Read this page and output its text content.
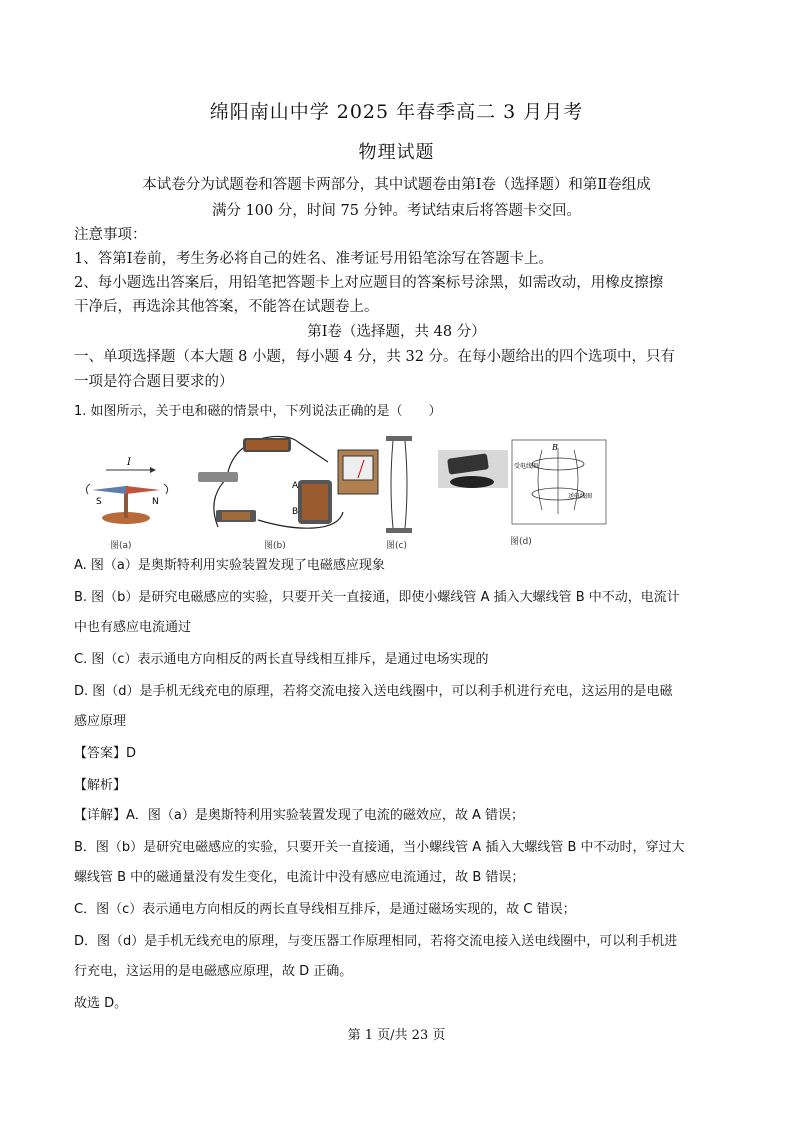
绵阳南山中学 2025 年春季高二 3 月月考
物理试题
本试卷分为试题卷和答题卡两部分，其中试题卷由第Ⅰ卷（选择题）和第Ⅱ卷组成
满分 100 分，时间 75 分钟。考试结束后将答题卡交回。
注意事项：
1、答第Ⅰ卷前，考生务必将自己的姓名、准考证号用铅笔涂写在答题卡上。
2、每小题选出答案后，用铅笔把答题卡上对应题目的答案标号涂黑，如需改动，用橡皮擦擦
干净后，再选涂其他答案，不能答在试题卷上。
第Ⅰ卷（选择题，共 48 分）
一、单项选择题（本大题 8 小题，每小题 4 分，共 32 分。在每小题给出的四个选项中，只有
一项是符合题目要求的）
1. 如图所示，关于电和磁的情景中，下列说法正确的是（　　）
I
S	N
图(a)
A
B
图(b)	图(c)
B
受电线圈
送电线圈
图(d)
A. 图（a）是奥斯特利用实验装置发现了电磁感应现象
B. 图（b）是研究电磁感应的实验，只要开关一直接通，即使小螺线管 A 插入大螺线管 B 中不动，电流计
中也有感应电流通过
C. 图（c）表示通电方向相反的两长直导线相互排斥，是通过电场实现的
D. 图（d）是手机无线充电的原理，若将交流电接入送电线圈中，可以利手机进行充电，这运用的是电磁
感应原理
【答案】D
【解析】
【详解】A．图（a）是奥斯特利用实验装置发现了电流的磁效应，故 A 错误；
B．图（b）是研究电磁感应的实验，只要开关一直接通，当小螺线管 A 插入大螺线管 B 中不动时，穿过大
螺线管 B 中的磁通量没有发生变化，电流计中没有感应电流通过，故 B 错误；
C．图（c）表示通电方向相反的两长直导线相互排斥，是通过磁场实现的，故 C 错误；
D．图（d）是手机无线充电的原理，与变压器工作原理相同，若将交流电接入送电线圈中，可以利手机进
行充电，这运用的是电磁感应原理，故 D 正确。
故选 D。
第 1 页/共 23 页
